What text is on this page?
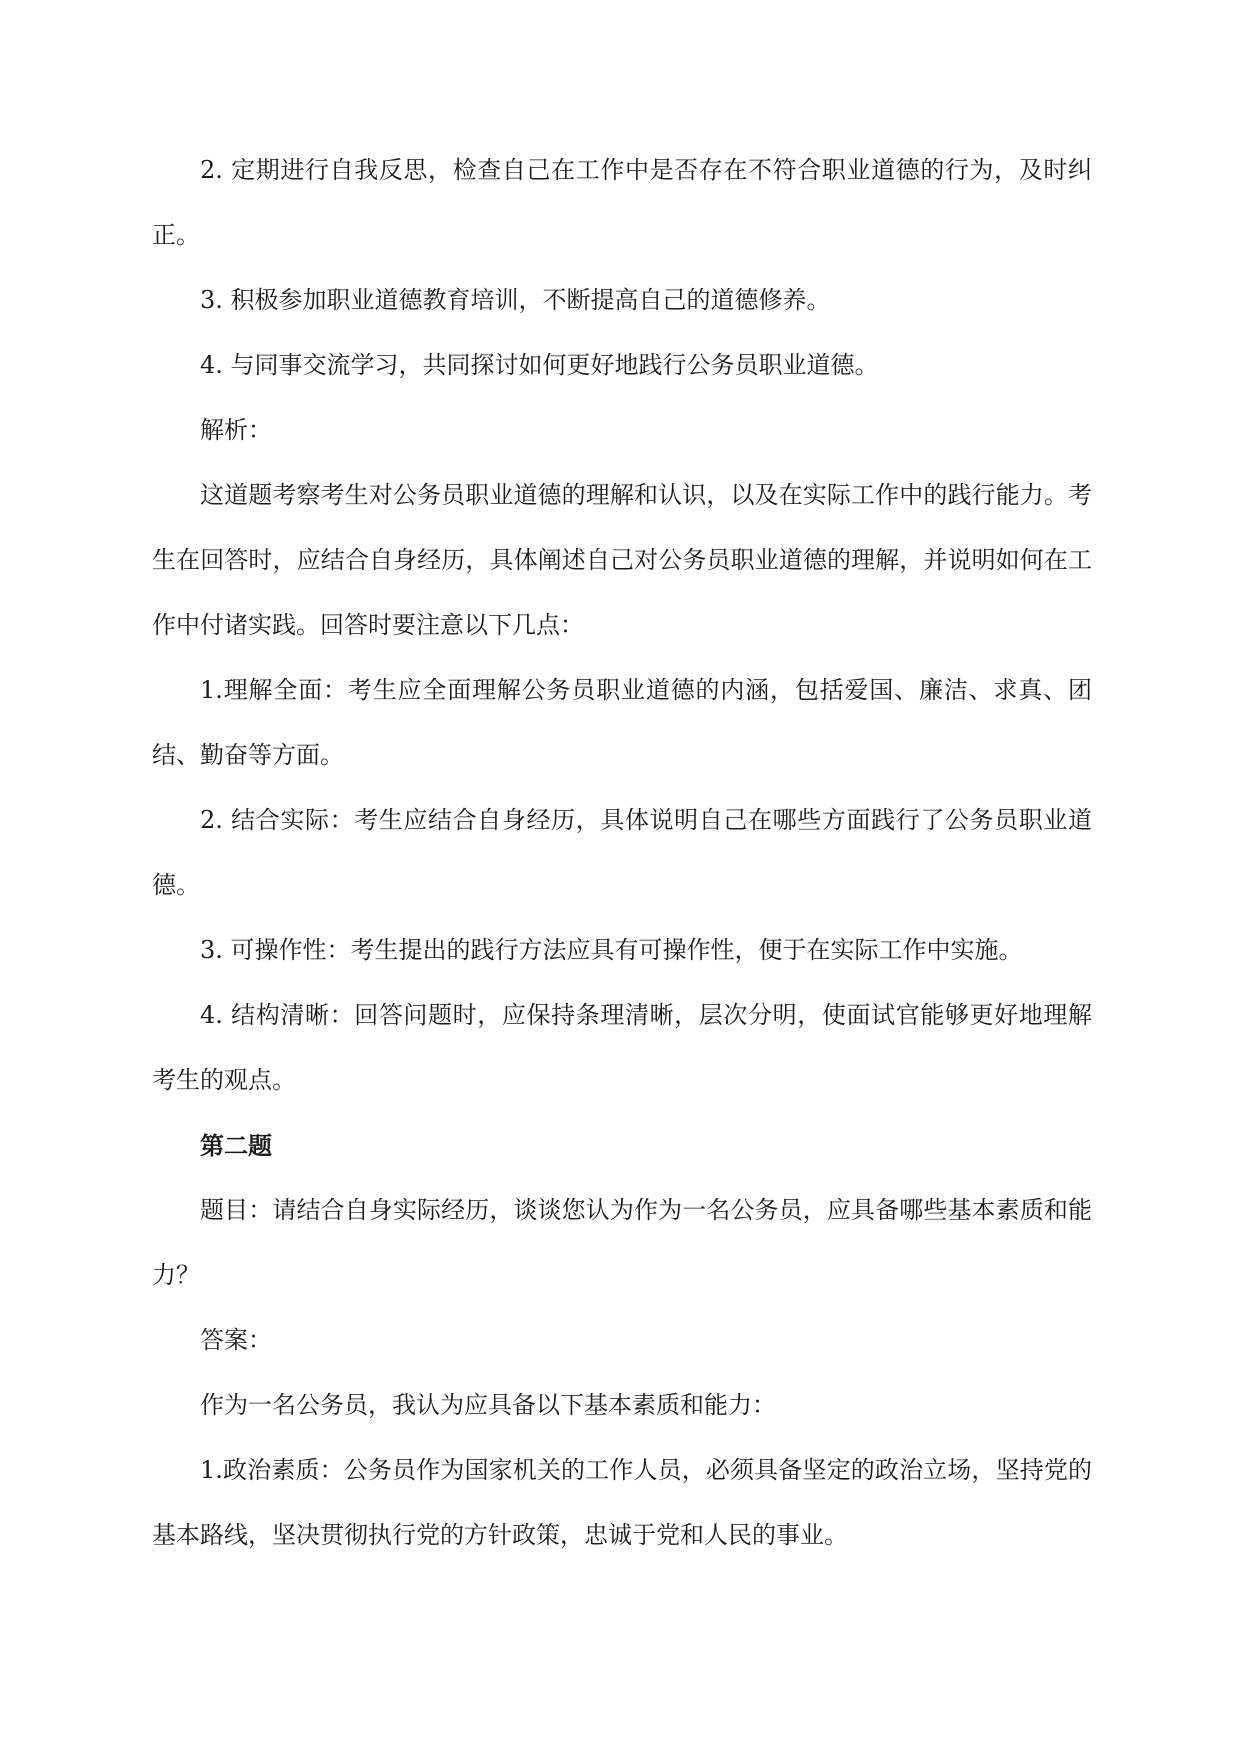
2. 定期进行自我反思，检查自己在工作中是否存在不符合职业道德的行为，及时纠正。

3. 积极参加职业道德教育培训，不断提高自己的道德修养。

4. 与同事交流学习，共同探讨如何更好地践行公务员职业道德。

解析：

这道题考察考生对公务员职业道德的理解和认识，以及在实际工作中的践行能力。考生在回答时，应结合自身经历，具体阐述自己对公务员职业道德的理解，并说明如何在工作中付诸实践。回答时要注意以下几点：

1.理解全面：考生应全面理解公务员职业道德的内涵，包括爱国、廉洁、求真、团结、勤奋等方面。

2. 结合实际：考生应结合自身经历，具体说明自己在哪些方面践行了公务员职业道德。

3. 可操作性：考生提出的践行方法应具有可操作性，便于在实际工作中实施。

4. 结构清晰：回答问题时，应保持条理清晰，层次分明，使面试官能够更好地理解考生的观点。

第二题

题目：请结合自身实际经历，谈谈您认为作为一名公务员，应具备哪些基本素质和能力？

答案：

作为一名公务员，我认为应具备以下基本素质和能力：

1.政治素质：公务员作为国家机关的工作人员，必须具备坚定的政治立场，坚持党的基本路线，坚决贯彻执行党的方针政策，忠诚于党和人民的事业。
